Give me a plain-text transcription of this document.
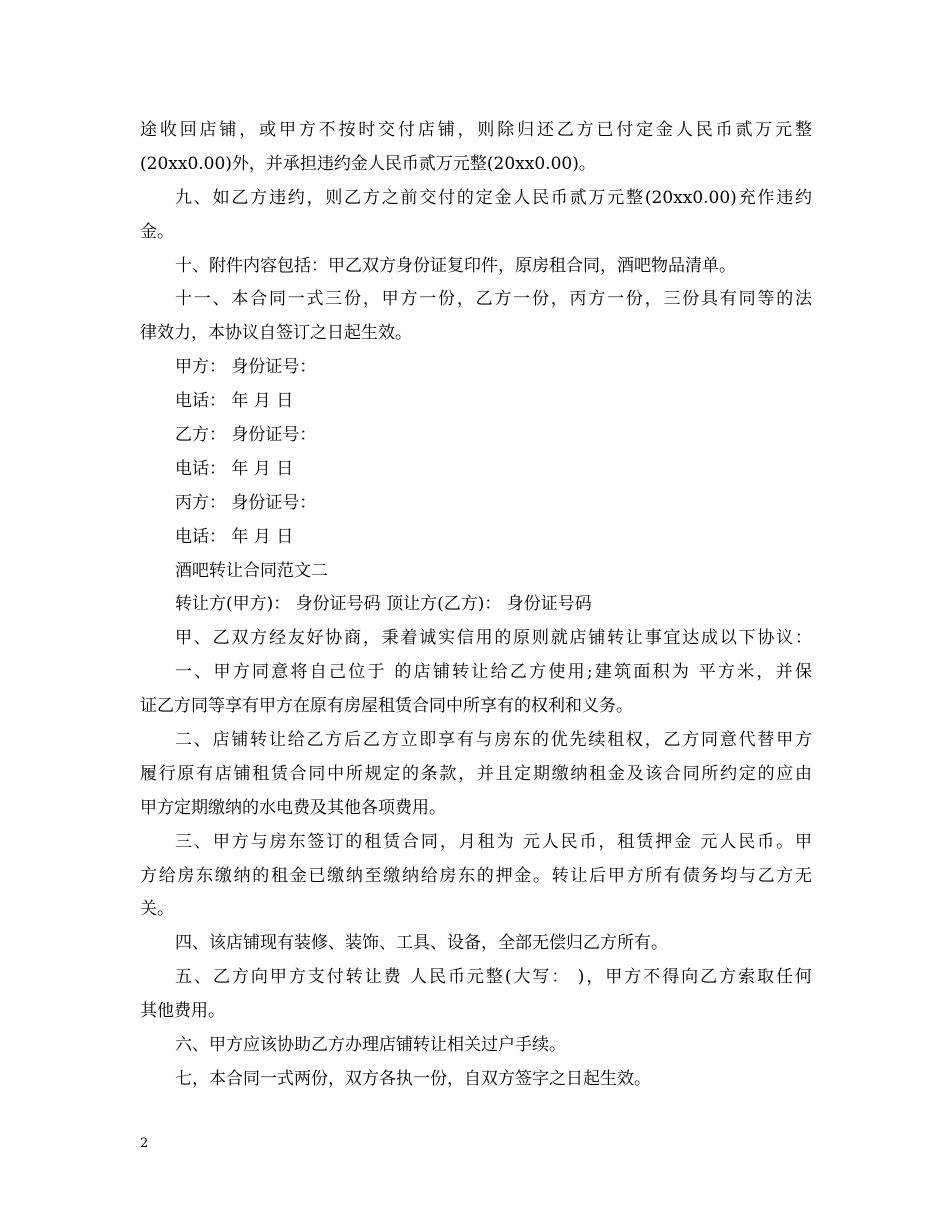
途收回店铺，或甲方不按时交付店铺，则除归还乙方已付定金人民币贰万元整
(20xx0.00)外，并承担违约金人民币贰万元整(20xx0.00)。
九、如乙方违约，则乙方之前交付的定金人民币贰万元整(20xx0.00)充作违约
金。
十、附件内容包括：甲乙双方身份证复印件，原房租合同，酒吧物品清单。
十一、本合同一式三份，甲方一份，乙方一份，丙方一份，三份具有同等的法
律效力，本协议自签订之日起生效。
甲方： 身份证号：
电话： 年 月 日
乙方： 身份证号：
电话： 年 月 日
丙方： 身份证号：
电话： 年 月 日
酒吧转让合同范文二
转让方(甲方)： 身份证号码 顶让方(乙方)： 身份证号码
甲、乙双方经友好协商，秉着诚实信用的原则就店铺转让事宜达成以下协议：
一、甲方同意将自己位于 的店铺转让给乙方使用;建筑面积为 平方米，并保
证乙方同等享有甲方在原有房屋租赁合同中所享有的权利和义务。
二、店铺转让给乙方后乙方立即享有与房东的优先续租权，乙方同意代替甲方
履行原有店铺租赁合同中所规定的条款，并且定期缴纳租金及该合同所约定的应由
甲方定期缴纳的水电费及其他各项费用。
三、甲方与房东签订的租赁合同，月租为 元人民币，租赁押金 元人民币。甲
方给房东缴纳的租金已缴纳至缴纳给房东的押金。转让后甲方所有债务均与乙方无
关。
四、该店铺现有装修、装饰、工具、设备，全部无偿归乙方所有。
五、乙方向甲方支付转让费 人民币元整(大写： )，甲方不得向乙方索取任何
其他费用。
六、甲方应该协助乙方办理店铺转让相关过户手续。
七，本合同一式两份，双方各执一份，自双方签字之日起生效。
2
